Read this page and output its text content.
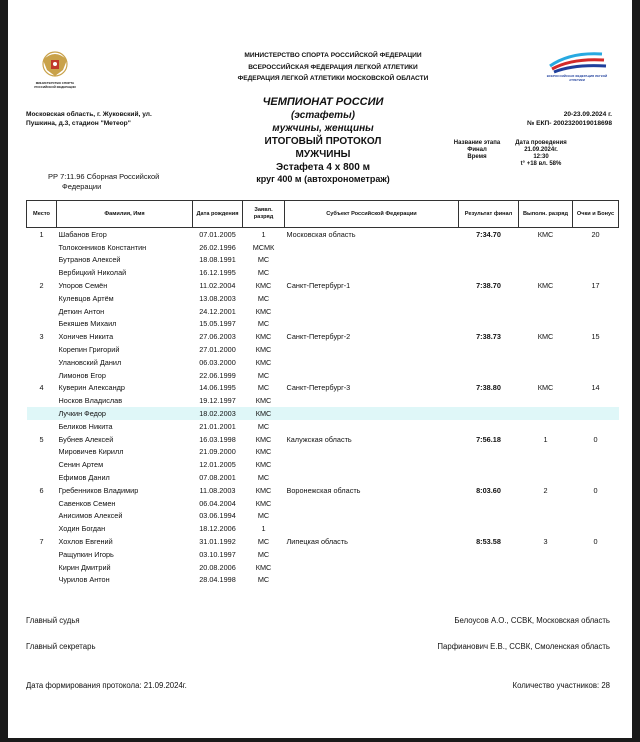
МИНИСТЕРСТВО СПОРТА РОССИЙСКОЙ ФЕДЕРАЦИИ
МИНИСТЕРСТВО СПОРТА РОССИЙСКОЙ ФЕДЕРАЦИИ
ВСЕРОССИЙСКАЯ ФЕДЕРАЦИЯ ЛЕГКОЙ АТЛЕТИКИ
ФЕДЕРАЦИЯ ЛЕГКОЙ АТЛЕТИКИ МОСКОВСКОЙ ОБЛАСТИ	ВСЕРОССИЙСКАЯ ФЕДЕРАЦИЯ ЛЕГКОЙ АТЛЕТИКИ
Московская область, г. Жуковский, ул.
Пушкина, д.3, стадион "Метеор"
20-23.09.2024 г.
№ ЕКП- 2002320019018698
ЧЕМПИОНАТ РОССИИ
(эстафеты)
мужчины, женщины
ИТОГОВЫЙ ПРОТОКОЛ
МУЖЧИНЫ
Эстафета 4 х 800 м
круг 400 м (автохронометраж)
Название этапа	Дата проведения
Финал	21.09.2024г.
Время	12:30
t° +18 вл. 58%
РР 7:11.96 Сборная Российской
Федерации
Место	Фамилия, Имя	Дата рождения	Заявл. разряд	Субъект Российской Федерации	Результат финал	Выполн. разряд	Очки и Бонус
1	Шабанов Егор	07.01.2005	1	Московская область	7:34.70	КМС	20
	Толоконников Константин	26.02.1996	МСМК				
	Бутранов Алексей	18.08.1991	МС				
	Вербицкий Николай	16.12.1995	МС				
2	Упоров Семён	11.02.2004	КМС	Санкт-Петербург-1	7:38.70	КМС	17
	Кулевцов Артём	13.08.2003	МС				
	Деткин Антон	24.12.2001	КМС				
	Бекяшев Михаил	15.05.1997	МС				
3	Хоничев Никита	27.06.2003	КМС	Санкт-Петербург-2	7:38.73	КМС	15
	Корепин Григорий	27.01.2000	КМС				
	Улановский Данил	06.03.2000	КМС				
	Лимонов Егор	22.06.1999	МС				
4	Куверин Александр	14.06.1995	МС	Санкт-Петербург-3	7:38.80	КМС	14
	Носков Владислав	19.12.1997	КМС				
	Лучкин Федор	18.02.2003	КМС				
	Беликов Никита	21.01.2001	МС				
5	Бубнев Алексей	16.03.1998	КМС	Калужская область	7:56.18	1	0
	Мировичев Кирилл	21.09.2000	КМС				
	Сенин Артем	12.01.2005	КМС				
	Ефимов Данил	07.08.2001	МС				
6	Гребенников Владимир	11.08.2003	КМС	Воронежская область	8:03.60	2	0
	Савенков Семен	06.04.2004	КМС				
	Анисимов Алексей	03.06.1994	МС				
	Ходин Богдан	18.12.2006	1				
7	Хохлов Евгений	31.01.1992	МС	Липецкая область	8:53.58	3	0
	Ращупкин Игорь	03.10.1997	МС				
	Кирин Дмитрий	20.08.2006	КМС				
	Чурилов Антон	28.04.1998	МС				
Главный судья	Белоусов А.О., ССВК, Московская область
Главный секретарь	Парфианович Е.В., ССВК, Смоленская область
Дата формирования протокола: 21.09.2024г.	Количество участников: 28
